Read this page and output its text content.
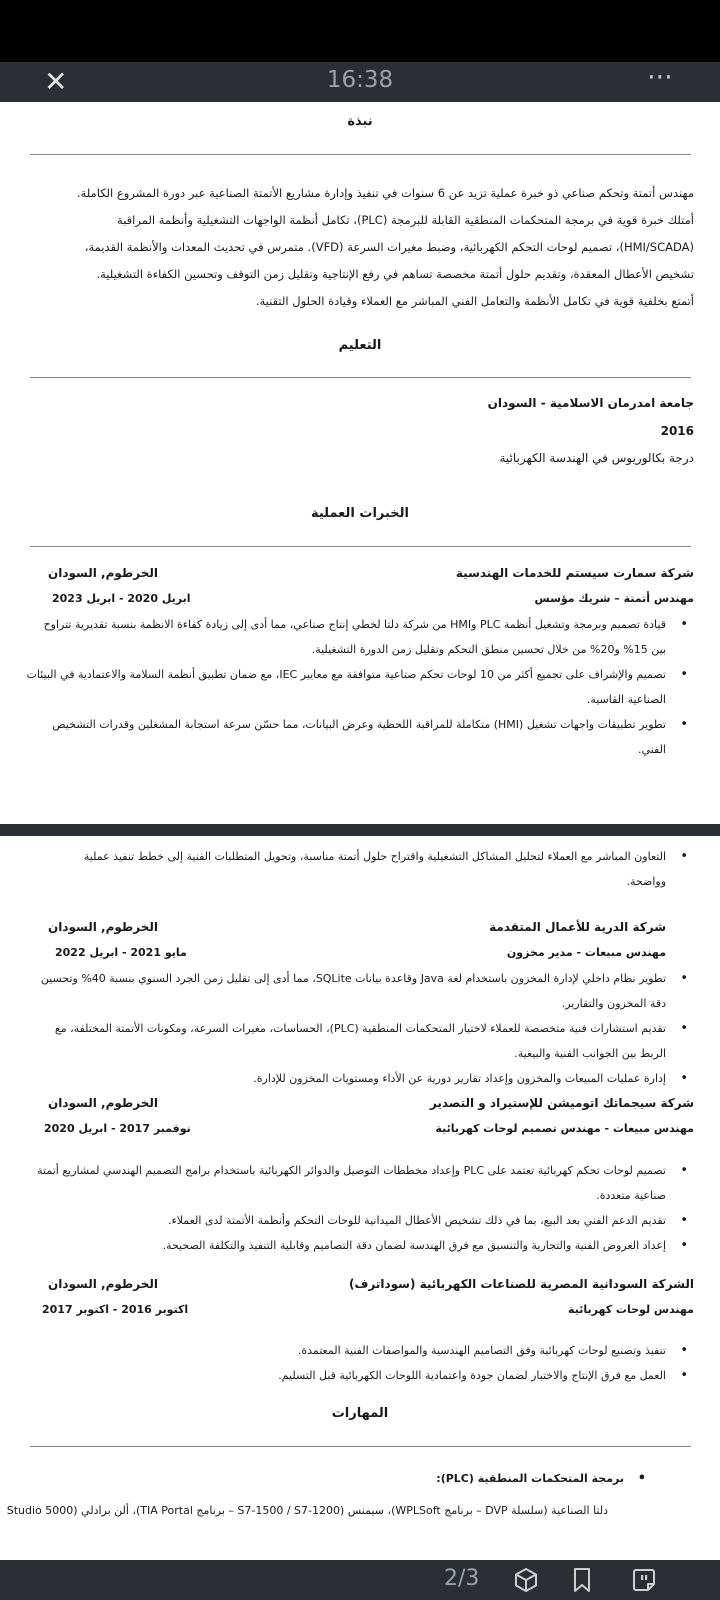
✕	16:38	⋯
نبذة
مهندس أتمتة وتحكم صناعي ذو خبرة عملية تزيد عن 6 سنوات في تنفيذ وإدارة مشاريع الأتمتة الصناعية عبر دورة المشروع الكاملة.
أمتلك خبرة قوية في برمجة المتحكمات المنطقية القابلة للبرمجة (PLC)، تكامل أنظمة الواجهات التشغيلية وأنظمة المراقبة
(HMI/SCADA)، تصميم لوحات التحكم الكهربائية، وضبط مغيرات السرعة (VFD). متمرس في تحديث المعدات والأنظمة القديمة،
تشخيص الأعطال المعقدة، وتقديم حلول أتمتة مخصصة تساهم في رفع الإنتاجية وتقليل زمن التوقف وتحسين الكفاءة التشغيلية.
أتمتع بخلفية قوية في تكامل الأنظمة والتعامل الفني المباشر مع العملاء وقيادة الحلول التقنية.
التعليم
جامعة امدرمان الاسلامية - السودان
2016
درجة بكالوريوس في الهندسة الكهربائية
الخبرات العملية
شركة سمارت سيستم للخدمات الهندسية
الخرطوم, السودان
مهندس أتمتة – شريك مؤسس
ابريل 2020 - ابريل 2023
•
قيادة تصميم وبرمجة وتشغيل أنظمة PLC وHMI من شركة دلتا لخطي إنتاج صناعي، مما أدى إلى زيادة كفاءة الانظمة بنسبة تقديرية تتراوح بين 15% و20% من خلال تحسين منطق التحكم وتقليل زمن الدورة التشغيلية.
•
تصميم والإشراف على تجميع أكثر من 10 لوحات تحكم صناعية متوافقة مع معايير IEC، مع ضمان تطبيق أنظمة السلامة والاعتمادية في البيئات الصناعية القاسية.
•
تطوير تطبيقات واجهات تشغيل (HMI) متكاملة للمراقبة اللحظية وعرض البيانات، مما حسّن سرعة استجابة المشغلين وقدرات التشخيص الفني.
•
التعاون المباشر مع العملاء لتحليل المشاكل التشغيلية واقتراح حلول أتمتة مناسبة، وتحويل المتطلبات الفنية إلى خطط تنفيذ عملية وواضحة.
شركة الدرية للأعمال المتقدمة
الخرطوم, السودان
مهندس مبيعات - مدير مخزون
مايو 2021 - ابريل 2022
•
تطوير نظام داخلي لإدارة المخزون باستخدام لغة Java وقاعدة بيانات SQLite، مما أدى إلى تقليل زمن الجرد السنوي بنسبة 40% وتحسين دقة المخزون والتقارير.
•
تقديم استشارات فنية متخصصة للعملاء لاختيار المتحكمات المنطقية (PLC)، الحساسات، مغيرات السرعة، ومكونات الأتمتة المختلفة، مع الربط بين الجوانب الفنية والبيعية.
•
إدارة عمليات المبيعات والمخزون وإعداد تقارير دورية عن الأداء ومستويات المخزون للإدارة.
شركة سيجماتك اتوميشن للإستيراد و التصدير
الخرطوم, السودان
مهندس مبيعات - مهندس تصميم لوحات كهربائية
نوفمبر 2017 - ابريل 2020
•
تصميم لوحات تحكم كهربائية تعتمد على PLC وإعداد مخططات التوصيل والدوائر الكهربائية باستخدام برامج التصميم الهندسي لمشاريع أتمتة صناعية متعددة.
•
تقديم الدعم الفني بعد البيع، بما في ذلك تشخيص الأعطال الميدانية للوحات التحكم وأنظمة الأتمتة لدى العملاء.
•
إعداد العروض الفنية والتجارية والتنسيق مع فرق الهندسة لضمان دقة التصاميم وقابلية التنفيذ والتكلفة الصحيحة.
الشركة السودانية المصرية للصناعات الكهربائية (سوداترف)
الخرطوم, السودان
مهندس لوحات كهربائية
اكتوبر 2016 - اكتوبر 2017
•
تنفيذ وتصنيع لوحات كهربائية وفق التصاميم الهندسية والمواصفات الفنية المعتمدة.
•
العمل مع فرق الإنتاج والاختبار لضمان جودة واعتمادية اللوحات الكهربائية قبل التسليم.
المهارات
•
برمجة المتحكمات المنطقية (PLC):
دلتا الصناعية (سلسلة DVP – برنامج WPLSoft)، سيمنس (S7-1500 / S7-1200 – برنامج TIA Portal)، ألن برادلي (Studio 5000
2/3
